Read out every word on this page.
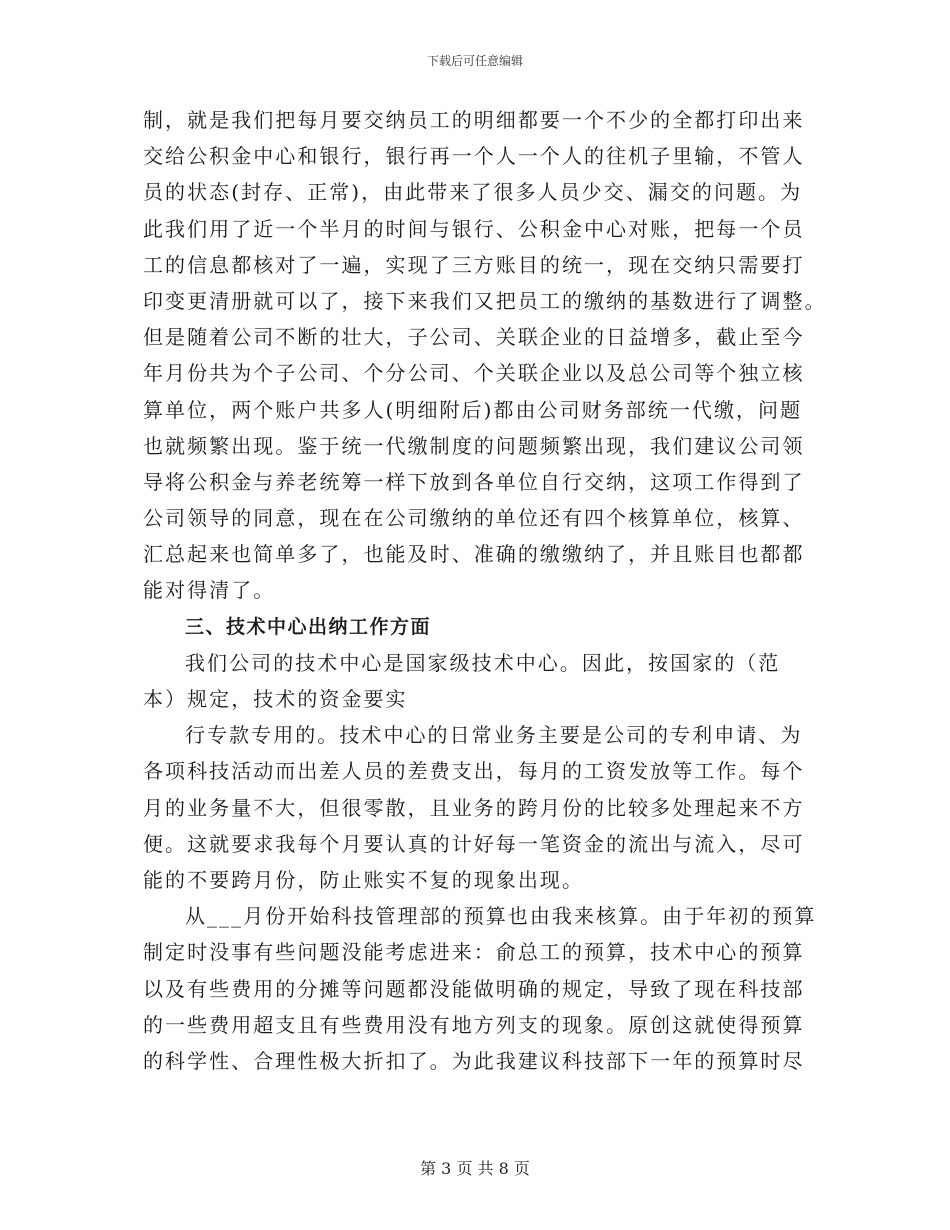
下载后可任意编辑
制，就是我们把每月要交纳员工的明细都要一个不少的全都打印出来
交给公积金中心和银行，银行再一个人一个人的往机子里输，不管人
员的状态(封存、正常)，由此带来了很多人员少交、漏交的问题。为
此我们用了近一个半月的时间与银行、公积金中心对账，把每一个员
工的信息都核对了一遍，实现了三方账目的统一，现在交纳只需要打
印变更清册就可以了，接下来我们又把员工的缴纳的基数进行了调整。
但是随着公司不断的壮大，子公司、关联企业的日益增多，截止至今
年月份共为个子公司、个分公司、个关联企业以及总公司等个独立核
算单位，两个账户共多人(明细附后)都由公司财务部统一代缴，问题
也就频繁出现。鉴于统一代缴制度的问题频繁出现，我们建议公司领
导将公积金与养老统筹一样下放到各单位自行交纳，这项工作得到了
公司领导的同意，现在在公司缴纳的单位还有四个核算单位，核算、
汇总起来也简单多了，也能及时、准确的缴缴纳了，并且账目也都都
能对得清了。
三、技术中心出纳工作方面
我们公司的技术中心是国家级技术中心。因此，按国家的（范
本）规定，技术的资金要实
行专款专用的。技术中心的日常业务主要是公司的专利申请、为
各项科技活动而出差人员的差费支出，每月的工资发放等工作。每个
月的业务量不大，但很零散，且业务的跨月份的比较多处理起来不方
便。这就要求我每个月要认真的计好每一笔资金的流出与流入，尽可
能的不要跨月份，防止账实不复的现象出现。
从___月份开始科技管理部的预算也由我来核算。由于年初的预算
制定时没事有些问题没能考虑进来：俞总工的预算，技术中心的预算
以及有些费用的分摊等问题都没能做明确的规定，导致了现在科技部
的一些费用超支且有些费用没有地方列支的现象。原创这就使得预算
的科学性、合理性极大折扣了。为此我建议科技部下一年的预算时尽
第 3 页 共 8 页
